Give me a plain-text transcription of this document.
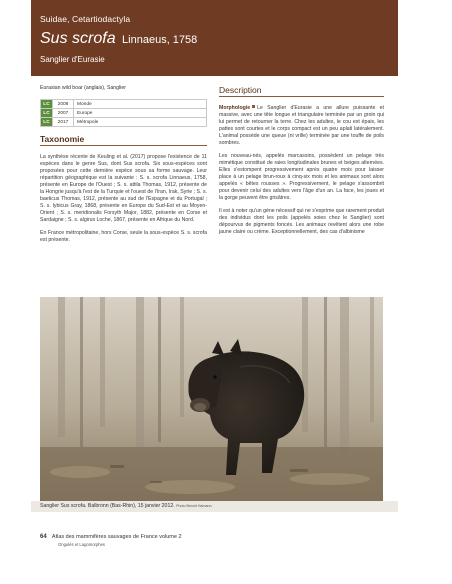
Suidae, Cetartiodactyla
Sus scrofa Linnaeus, 1758
Sanglier d'Eurasie
Eurasian wild boar (anglais), Sanglier
LC	2008	Monde
LC	2007	Europe
LC	2017	Métropole
Taxonomie

La synthèse récente de Keuling et al. (2017) propose l'existence de 11 espèces dans le genre Sus, dont Sus scrofa. Six sous-espèces sont proposées pour cette dernière espèce sous sa forme sauvage. Leur répartition géographique est la suivante : S. s. scrofa Linnaeus, 1758, présente en Europe de l'Ouest ; S. s. attila Thomas, 1912, présente de la Hongrie jusqu'à l'est de la Turquie et l'ouest de l'Iran, Irak, Syrie ; S. s. baeticus Thomas, 1912, présente au sud de l'Espagne et du Portugal ; S. s. lybicus Gray, 1868, présente en Europe du Sud-Est et au Moyen-Orient ; S. s. meridionalis Forsyth Major, 1882, présente en Corse et Sardaigne ; S. s. algirus Loche, 1867, présente en Afrique du Nord.

En France métropolitaine, hors Corse, seule la sous-espèce S. s. scrofa est présente.

Description

Morphologie Le Sanglier d'Eurasie a une allure puissante et massive, avec une tête longue et triangulaire terminée par un groin qui lui permet de retourner la terre. Chez les adultes, le cou est épais, les pattes sont courtes et le corps compact est un peu aplati latéralement. L'animal possède une queue (ni vrille) terminée par une touffe de poils sombres.

Les nouveau-nés, appelés marcassins, possèdent un pelage très mimétique constitué de raies longitudinales brunes et beiges alternées. Elles s'estompent progressivement après quatre mois pour laisser place à un pelage brun-roux à cinq-six mois et les animaux sont alors appelés « bêtes rousses ». Progressivement, le pelage s'assombrit pour devenir celui des adultes vers l'âge d'un an. La face, les joues et la gorge peuvent être grisâtres.

Il est à noter qu'un gène nécessif qui ne s'exprime que rarement produit des individus dont les poils (appelés soies chez le Sanglier) sont dépourvus de pigments foncés. Les animaux revêtent alors une robe jaune claire ou crème. Exceptionnellement, des cas d'albinisme

Sanglier Sus scrofa. Balbronn (Bas-Rhin), 15 janvier 2012. Photo Benoît Hamann.
64 Atlas des mammifères sauvages de France volume 2
Ongulés et Lagomorphes
